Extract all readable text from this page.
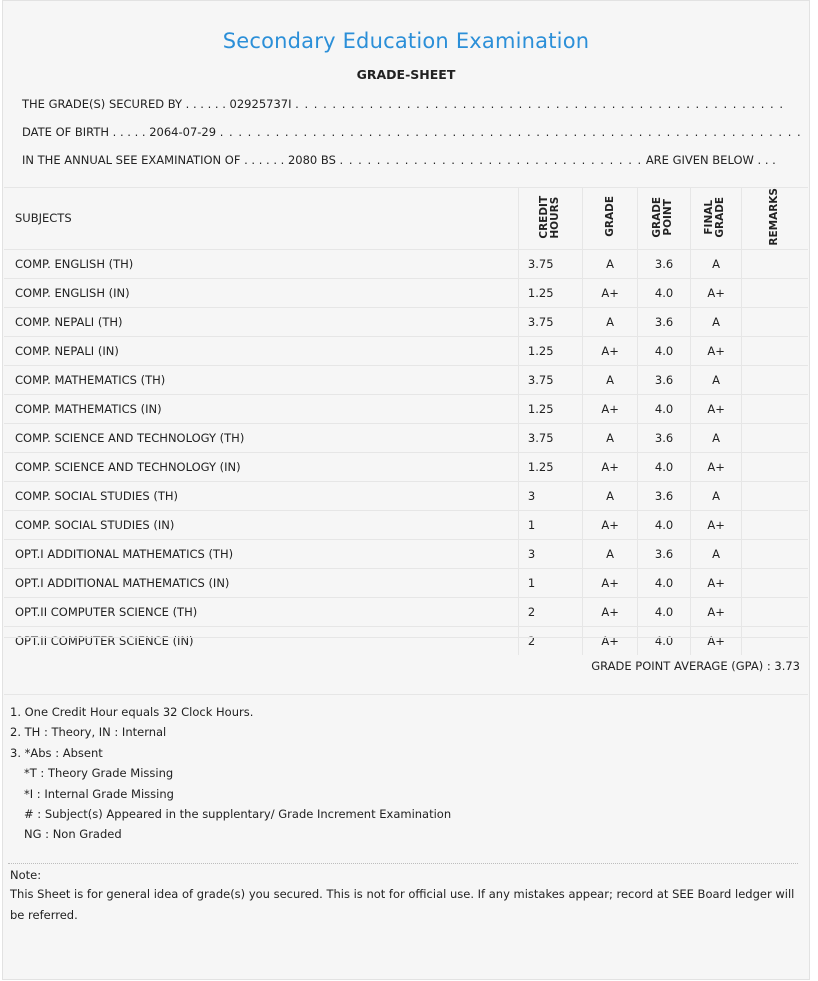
Secondary Education Examination
GRADE-SHEET
THE GRADE(S) SECURED BY . . . . . . 02925737I . . . . . . . . . . . . . . . . . . . . . . . . . . . . . . . . . . . . . . . . . . . . . . . . . . . . .
DATE OF BIRTH . . . . . 2064-07-29 . . . . . . . . . . . . . . . . . . . . . . . . . . . . . . . . . . . . . . . . . . . . . . . . . . . . . . . . . . . . . . .
IN THE ANNUAL SEE EXAMINATION OF . . . . . . 2080 BS . . . . . . . . . . . . . . . . . . . . . . . . . . . . . . . . . ARE GIVEN BELOW . . .
SUBJECTS	CREDIT HOURS	GRADE	GRADE POINT	FINAL GRADE	REMARKS
COMP. ENGLISH (TH)	3.75	A	3.6	A	
COMP. ENGLISH (IN)	1.25	A+	4.0	A+	
COMP. NEPALI (TH)	3.75	A	3.6	A	
COMP. NEPALI (IN)	1.25	A+	4.0	A+	
COMP. MATHEMATICS (TH)	3.75	A	3.6	A	
COMP. MATHEMATICS (IN)	1.25	A+	4.0	A+	
COMP. SCIENCE AND TECHNOLOGY (TH)	3.75	A	3.6	A	
COMP. SCIENCE AND TECHNOLOGY (IN)	1.25	A+	4.0	A+	
COMP. SOCIAL STUDIES (TH)	3	A	3.6	A	
COMP. SOCIAL STUDIES (IN)	1	A+	4.0	A+	
OPT.I ADDITIONAL MATHEMATICS (TH)	3	A	3.6	A	
OPT.I ADDITIONAL MATHEMATICS (IN)	1	A+	4.0	A+	
OPT.II COMPUTER SCIENCE (TH)	2	A+	4.0	A+	
OPT.II COMPUTER SCIENCE (IN)	2	A+	4.0	A+	
GRADE POINT AVERAGE (GPA) : 3.73
1. One Credit Hour equals 32 Clock Hours.
2. TH : Theory, IN : Internal
3. *Abs : Absent
*T : Theory Grade Missing
*I : Internal Grade Missing
# : Subject(s) Appeared in the supplentary/ Grade Increment Examination
NG : Non Graded
Note:
This Sheet is for general idea of grade(s) you secured. This is not for official use. If any mistakes appear; record at SEE Board ledger will be referred.
